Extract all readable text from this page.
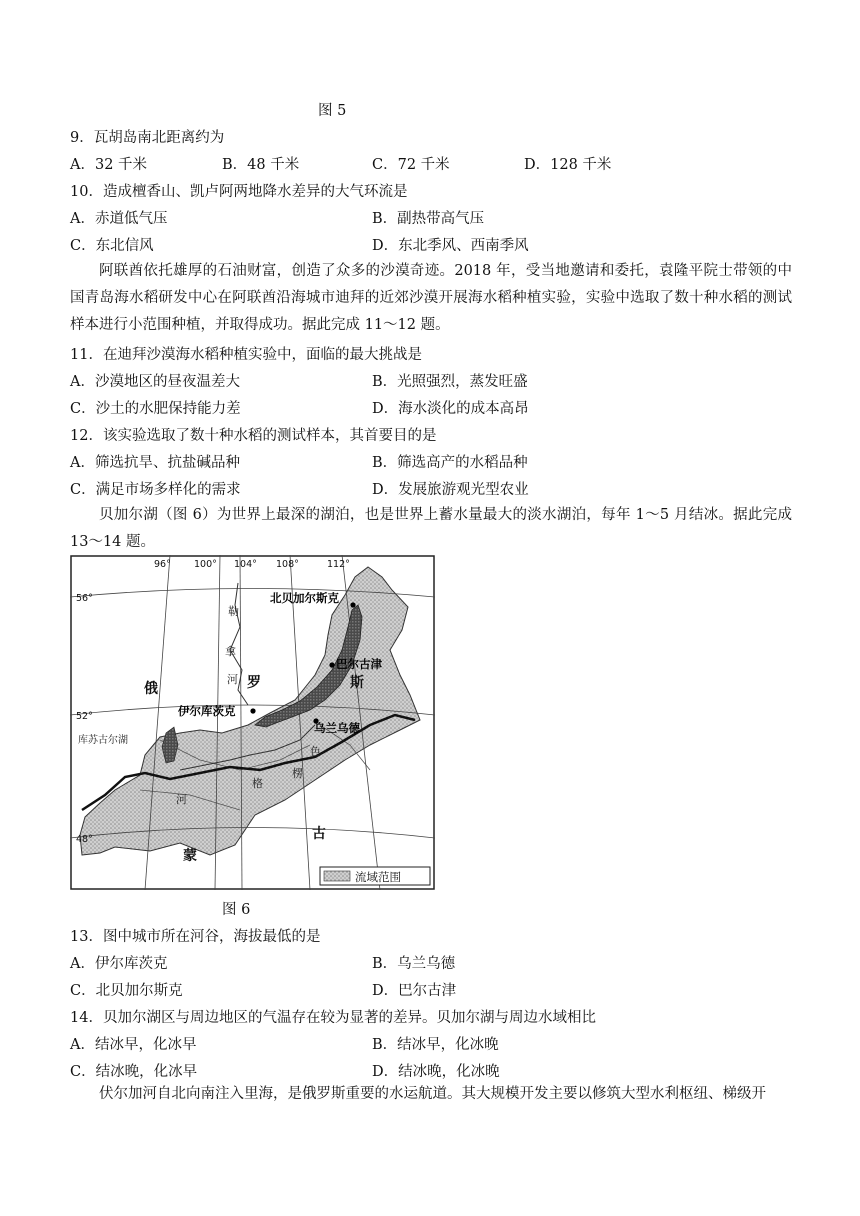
图 5
9．瓦胡岛南北距离约为
A．32 千米	B．48 千米	C．72 千米	D．128 千米
10．造成檀香山、凯卢阿两地降水差异的大气环流是
A．赤道低气压	B．副热带高气压
C．东北信风	D．东北季风、西南季风
阿联酋依托雄厚的石油财富，创造了众多的沙漠奇迹。2018 年，受当地邀请和委托，袁隆平院士带领的中国青岛海水稻研发中心在阿联酋沿海城市迪拜的近郊沙漠开展海水稻种植实验，实验中选取了数十种水稻的测试样本进行小范围种植，并取得成功。据此完成 11～12 题。
11．在迪拜沙漠海水稻种植实验中，面临的最大挑战是
A．沙漠地区的昼夜温差大	B．光照强烈，蒸发旺盛
C．沙土的水肥保持能力差	D．海水淡化的成本高昂
12．该实验选取了数十种水稻的测试样本，其首要目的是
A．筛选抗旱、抗盐碱品种	B．筛选高产的水稻品种
C．满足市场多样化的需求	D．发展旅游观光型农业
贝加尔湖（图 6）为世界上最深的湖泊，也是世界上蓄水量最大的淡水湖泊，每年 1～5 月结冰。据此完成 13～14 题。
流域范围
96° 100° 104° 108°	112°
56°
52°
48°
北贝加尔斯克
巴尔古津
伊尔库茨克
乌兰乌德
俄	罗	斯
蒙
古
勒
拿
河
色
楞
格
河
库苏古尔湖
图 6
13．图中城市所在河谷，海拔最低的是
A．伊尔库茨克	B．乌兰乌德
C．北贝加尔斯克	D．巴尔古津
14．贝加尔湖区与周边地区的气温存在较为显著的差异。贝加尔湖与周边水域相比
A．结冰早，化冰早	B．结冰早，化冰晚
C．结冰晚，化冰早	D．结冰晚，化冰晚
伏尔加河自北向南注入里海，是俄罗斯重要的水运航道。其大规模开发主要以修筑大型水利枢纽、梯级开
